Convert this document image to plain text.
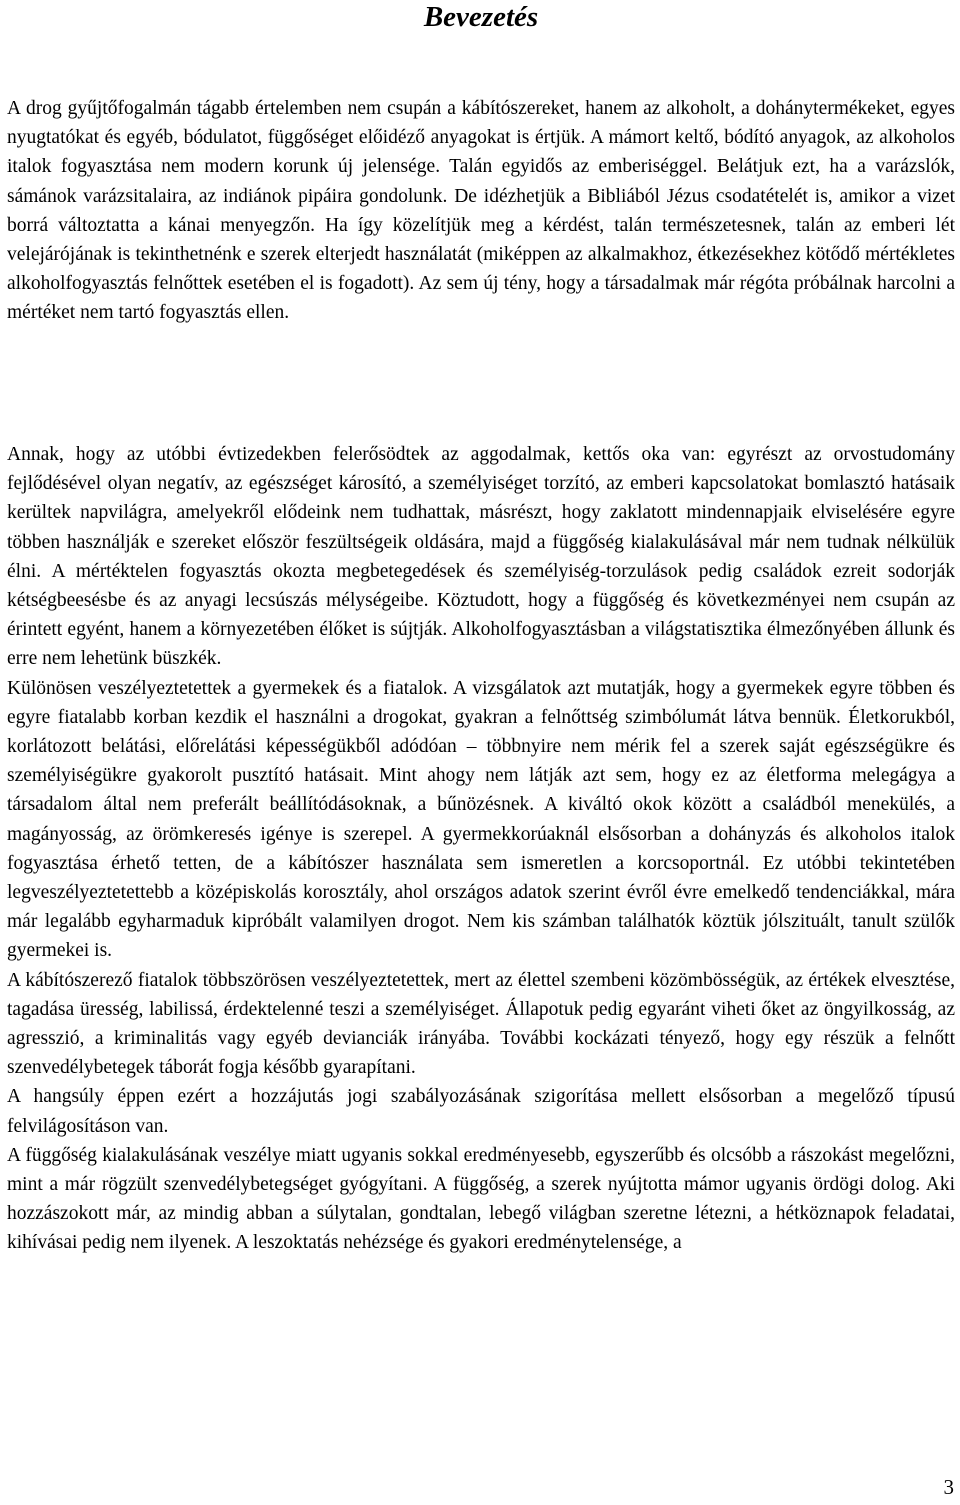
Bevezetés

A drog gyűjtőfogalmán tágabb értelemben nem csupán a kábítószereket, hanem az alkoholt, a dohánytermékeket, egyes nyugtatókat és egyéb, bódulatot, függőséget előidéző anyagokat is értjük. A mámort keltő, bódító anyagok, az alkoholos italok fogyasztása nem modern korunk új jelensége. Talán egyidős az emberiséggel. Belátjuk ezt, ha a varázslók, sámánok varázsitalaira, az indiánok pipáira gondolunk. De idézhetjük a Bibliából Jézus csodatételét is, amikor a vizet borrá változtatta a kánai menyegzőn. Ha így közelítjük meg a kérdést, talán természetesnek, talán az emberi lét velejárójának is tekinthetnénk e szerek elterjedt használatát (miképpen az alkalmakhoz, étkezésekhez kötődő mértékletes alkoholfogyasztás felnőttek esetében el is fogadott). Az sem új tény, hogy a társadalmak már régóta próbálnak harcolni a mértéket nem tartó fogyasztás ellen.

Annak, hogy az utóbbi évtizedekben felerősödtek az aggodalmak, kettős oka van: egyrészt az orvostudomány fejlődésével olyan negatív, az egészséget károsító, a személyiséget torzító, az emberi kapcsolatokat bomlasztó hatásaik kerültek napvilágra, amelyekről elődeink nem tudhattak, másrészt, hogy zaklatott mindennapjaik elviselésére egyre többen használják e szereket először feszültségeik oldására, majd a függőség kialakulásával már nem tudnak nélkülük élni. A mértéktelen fogyasztás okozta megbetegedések és személyiség-torzulások pedig családok ezreit sodorják kétségbeesésbe és az anyagi lecsúszás mélységeibe. Köztudott, hogy a függőség és következményei nem csupán az érintett egyént, hanem a környezetében élőket is sújtják. Alkoholfogyasztásban a világstatisztika élmezőnyében állunk és erre nem lehetünk büszkék.

Különösen veszélyeztetettek a gyermekek és a fiatalok. A vizsgálatok azt mutatják, hogy a gyermekek egyre többen és egyre fiatalabb korban kezdik el használni a drogokat, gyakran a felnőttség szimbólumát látva bennük. Életkorukból, korlátozott belátási, előrelátási képességükből adódóan – többnyire nem mérik fel a szerek saját egészségükre és személyiségükre gyakorolt pusztító hatásait. Mint ahogy nem látják azt sem, hogy ez az életforma melegágya a társadalom által nem preferált beállítódásoknak, a bűnözésnek. A kiváltó okok között a családból menekülés, a magányosság, az örömkeresés igénye is szerepel. A gyermekkorúaknál elsősorban a dohányzás és alkoholos italok fogyasztása érhető tetten, de a kábítószer használata sem ismeretlen a korcsoportnál. Ez utóbbi tekintetében legveszélyeztetettebb a középiskolás korosztály, ahol országos adatok szerint évről évre emelkedő tendenciákkal, mára már legalább egyharmaduk kipróbált valamilyen drogot. Nem kis számban találhatók köztük jólszituált, tanult szülők gyermekei is.

A kábítószerező fiatalok többszörösen veszélyeztetettek, mert az élettel szembeni közömbösségük, az értékek elvesztése, tagadása üresség, labilissá, érdektelenné teszi a személyiséget. Állapotuk pedig egyaránt viheti őket az öngyilkosság, az agresszió, a kriminalitás vagy egyéb devianciák irányába. További kockázati tényező, hogy egy részük a felnőtt szenvedélybetegek táborát fogja később gyarapítani.

A hangsúly éppen ezért a hozzájutás jogi szabályozásának szigorítása mellett elsősorban a megelőző típusú felvilágosításon van.

A függőség kialakulásának veszélye miatt ugyanis sokkal eredményesebb, egyszerűbb és olcsóbb a rászokást megelőzni, mint a már rögzült szenvedélybetegséget gyógyítani. A függőség, a szerek nyújtotta mámor ugyanis ördögi dolog. Aki hozzászokott már, az mindig abban a súlytalan, gondtalan, lebegő világban szeretne létezni, a hétköznapok feladatai, kihívásai pedig nem ilyenek. A leszoktatás nehézsége és gyakori eredménytelensége, a

3
